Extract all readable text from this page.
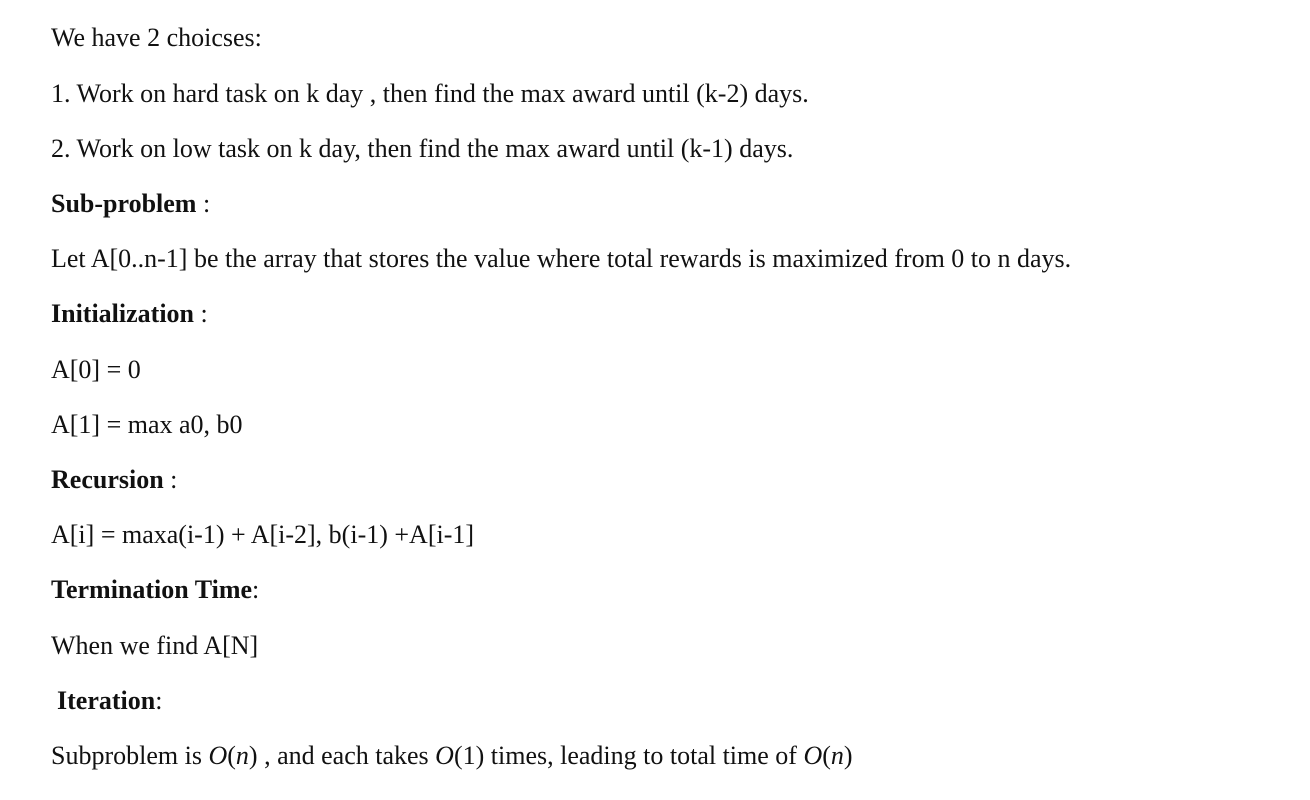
We have 2 choicses:
1. Work on hard task on k day , then find the max award until (k-2) days.
2. Work on low task on k day, then find the max award until (k-1) days.
Sub-problem :
Let A[0..n-1] be the array that stores the value where total rewards is maximized from 0 to n days.
Initialization :
A[0] = 0
A[1] = max a0, b0
Recursion :
A[i] = maxa(i-1) + A[i-2], b(i-1) +A[i-1]
Termination Time:
When we find A[N]
Iteration:
Subproblem is O(n) , and each takes O(1) times, leading to total time of O(n)
